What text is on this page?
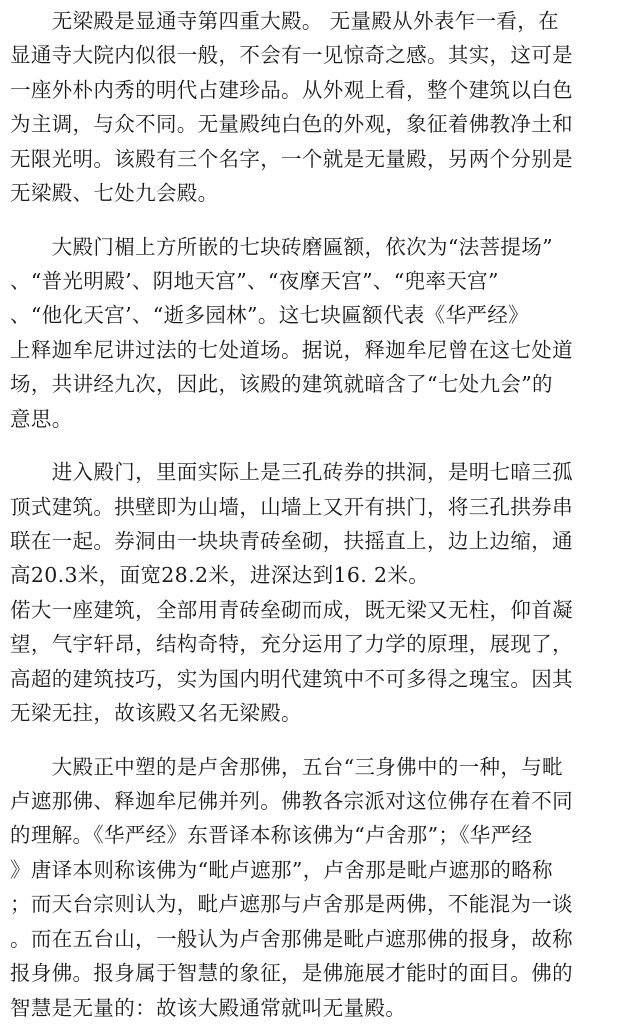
　　无梁殿是显通寺第四重大殿。 无量殿从外表乍一看，在
显通寺大院内似很一般，不会有一见惊奇之感。其实，这可是
一座外朴内秀的明代占建珍品。从外观上看，整个建筑以白色
为主调，与众不同。无量殿纯白色的外观，象征着佛教净土和
无限光明。该殿有三个名字，一个就是无量殿，另两个分别是
无梁殿、七处九会殿。
　　大殿门楣上方所嵌的七块砖磨匾额，依次为“法菩提场”
、“普光明殿’、阴地天宫”、“夜摩天宫”、“兜率天宫”
、“他化天宫’、“逝多园林”。这七块匾额代表《华严经》
上释迦牟尼讲过法的七处道场。据说，释迦牟尼曾在这七处道
场，共讲经九次，因此，该殿的建筑就暗含了“七处九会”的
意思。
　　进入殿门，里面实际上是三孔砖券的拱洞，是明七暗三孤
顶式建筑。拱壁即为山墙，山墙上又开有拱门，将三孔拱券串
联在一起。券洞由一块块青砖垒砌，扶摇直上，边上边缩，通
高20.3米，面宽28.2米，进深达到16. 2米。
偌大一座建筑，全部用青砖垒砌而成，既无梁又无柱，仰首凝
望，气宇轩昂，结构奇特，充分运用了力学的原理，展现了，
高超的建筑技巧，实为国内明代建筑中不可多得之瑰宝。因其
无梁无拄，故该殿又名无梁殿。
　　大殿正中塑的是卢舍那佛，五台“三身佛中的一种，与毗
卢遮那佛、释迦牟尼佛并列。佛教各宗派对这位佛存在着不同
的理解。《华严经》东晋译本称该佛为“卢舍那”；《华严经
》唐译本则称该佛为“毗卢遮那”，卢舍那是毗卢遮那的略称
；而天台宗则认为，毗卢遮那与卢舍那是两佛，不能混为一谈
。而在五台山，一般认为卢舍那佛是毗卢遮那佛的报身，故称
报身佛。报身属于智慧的象征，是佛施展才能时的面目。佛的
智慧是无量的：故该大殿通常就叫无量殿。
